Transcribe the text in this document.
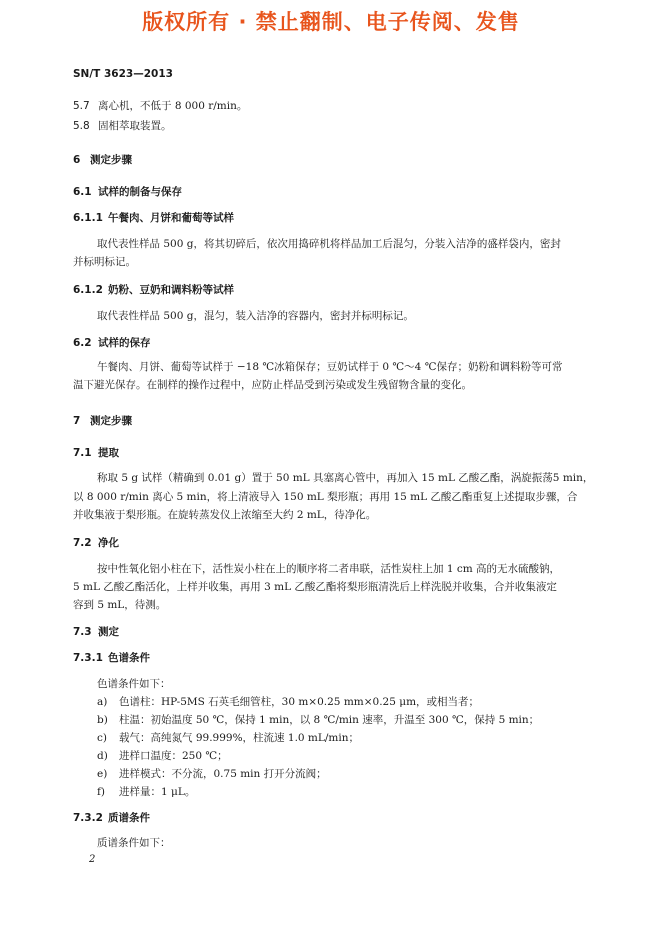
版权所有 · 禁止翻制、电子传阅、发售
SN/T 3623—2013
5.7 离心机，不低于 8 000 r/min。
5.8 固相萃取装置。
6 测定步骤
6.1 试样的制备与保存
6.1.1 午餐肉、月饼和葡萄等试样
取代表性样品 500 g，将其切碎后，依次用捣碎机将样品加工后混匀，分装入洁净的盛样袋内，密封
并标明标记。
6.1.2 奶粉、豆奶和调料粉等试样
取代表性样品 500 g，混匀，装入洁净的容器内，密封并标明标记。
6.2 试样的保存
午餐肉、月饼、葡萄等试样于 −18 ℃冰箱保存；豆奶试样于 0 ℃～4 ℃保存；奶粉和调料粉等可常
温下避光保存。在制样的操作过程中，应防止样品受到污染或发生残留物含量的变化。
7 测定步骤
7.1 提取
称取 5 g 试样（精确到 0.01 g）置于 50 mL 具塞离心管中，再加入 15 mL 乙酸乙酯，涡旋振荡5 min，
以 8 000 r/min 离心 5 min，将上清液导入 150 mL 梨形瓶；再用 15 mL 乙酸乙酯重复上述提取步骤，合
并收集液于梨形瓶。在旋转蒸发仪上浓缩至大约 2 mL，待净化。
7.2 净化
按中性氧化铝小柱在下，活性炭小柱在上的顺序将二者串联，活性炭柱上加 1 cm 高的无水硫酸钠，
5 mL 乙酸乙酯活化，上样并收集，再用 3 mL 乙酸乙酯将梨形瓶清洗后上样洗脱并收集，合并收集液定
容到 5 mL，待测。
7.3 测定
7.3.1 色谱条件
色谱条件如下：
a) 色谱柱：HP-5MS 石英毛细管柱，30 m×0.25 mm×0.25 μm，或相当者；
b) 柱温：初始温度 50 ℃，保持 1 min，以 8 ℃/min 速率，升温至 300 ℃，保持 5 min；
c) 载气：高纯氮气 99.999%，柱流速 1.0 mL/min；
d) 进样口温度：250 ℃；
e) 进样模式：不分流，0.75 min 打开分流阀；
f) 进样量：1 μL。
7.3.2 质谱条件
质谱条件如下：
2
